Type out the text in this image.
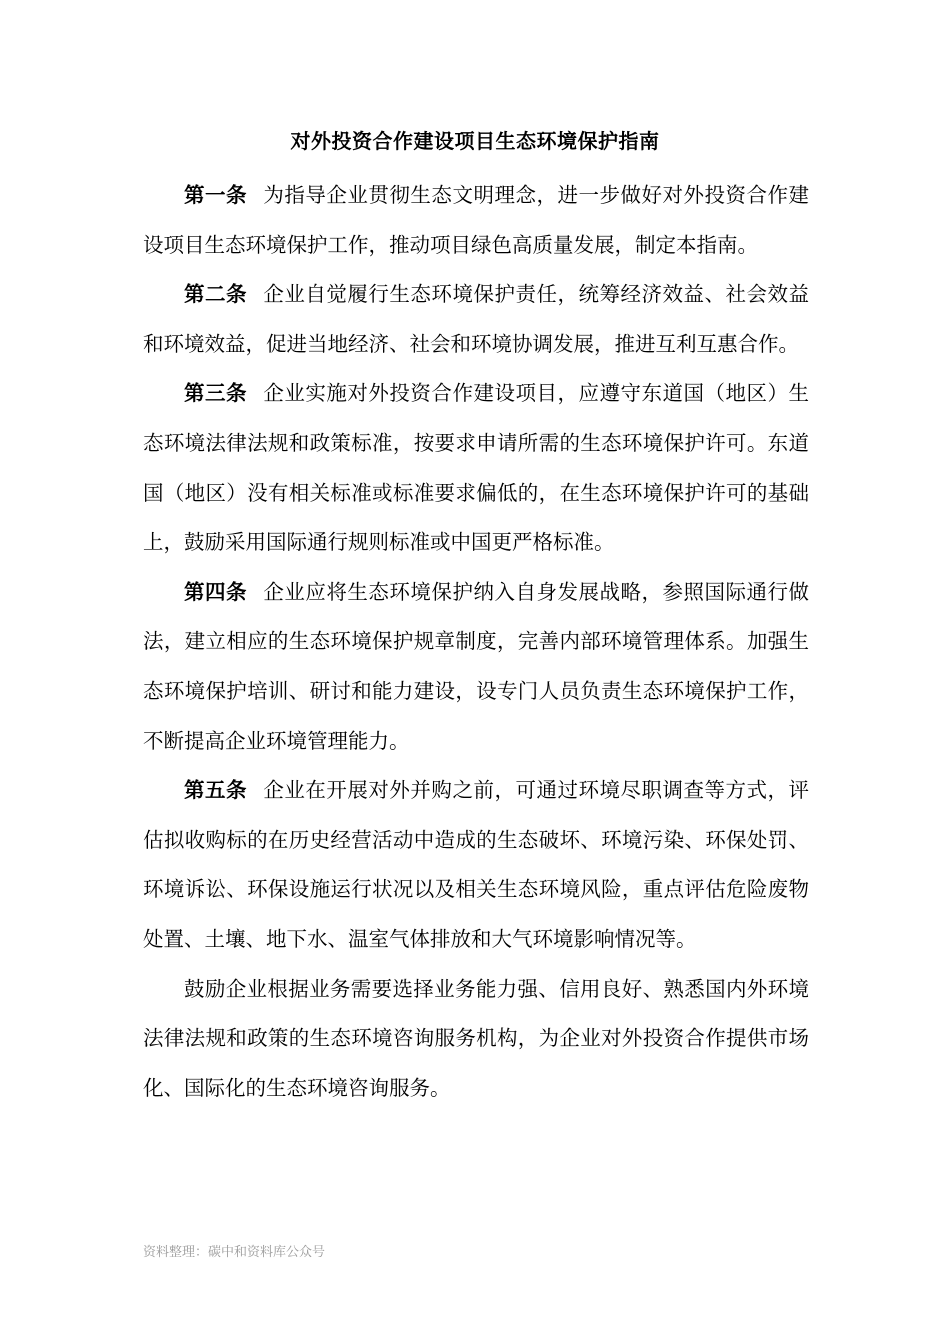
对外投资合作建设项目生态环境保护指南

第一条 为指导企业贯彻生态文明理念，进一步做好对外投资合作建设项目生态环境保护工作，推动项目绿色高质量发展，制定本指南。

第二条 企业自觉履行生态环境保护责任，统筹经济效益、社会效益和环境效益，促进当地经济、社会和环境协调发展，推进互利互惠合作。

第三条 企业实施对外投资合作建设项目，应遵守东道国（地区）生态环境法律法规和政策标准，按要求申请所需的生态环境保护许可。东道国（地区）没有相关标准或标准要求偏低的，在生态环境保护许可的基础上，鼓励采用国际通行规则标准或中国更严格标准。

第四条 企业应将生态环境保护纳入自身发展战略，参照国际通行做法，建立相应的生态环境保护规章制度，完善内部环境管理体系。加强生态环境保护培训、研讨和能力建设，设专门人员负责生态环境保护工作，不断提高企业环境管理能力。

第五条 企业在开展对外并购之前，可通过环境尽职调查等方式，评估拟收购标的在历史经营活动中造成的生态破坏、环境污染、环保处罚、环境诉讼、环保设施运行状况以及相关生态环境风险，重点评估危险废物处置、土壤、地下水、温室气体排放和大气环境影响情况等。

鼓励企业根据业务需要选择业务能力强、信用良好、熟悉国内外环境法律法规和政策的生态环境咨询服务机构，为企业对外投资合作提供市场化、国际化的生态环境咨询服务。

资料整理：碳中和资料库公众号
